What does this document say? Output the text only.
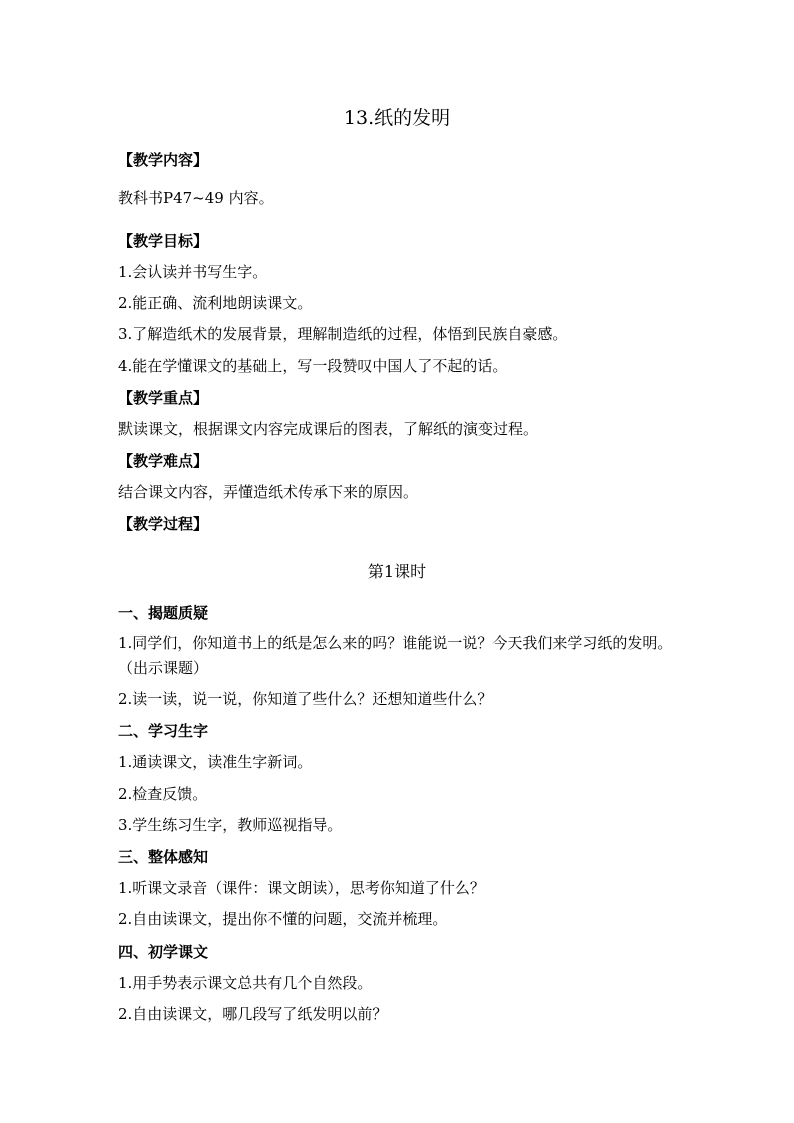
13.纸的发明
【教学内容】
教科书P47~49 内容。
【教学目标】
1.会认读并书写生字。
2.能正确、流利地朗读课文。
3.了解造纸术的发展背景，理解制造纸的过程，体悟到民族自豪感。
4.能在学懂课文的基础上，写一段赞叹中国人了不起的话。
【教学重点】
默读课文，根据课文内容完成课后的图表，了解纸的演变过程。
【教学难点】
结合课文内容，弄懂造纸术传承下来的原因。
【教学过程】
第1课时
一、揭题质疑
1.同学们，你知道书上的纸是怎么来的吗？谁能说一说？今天我们来学习纸的发明。（出示课题）
2.读一读，说一说，你知道了些什么？还想知道些什么？
二、学习生字
1.通读课文，读准生字新词。
2.检查反馈。
3.学生练习生字，教师巡视指导。
三、整体感知
1.听课文录音（课件：课文朗读），思考你知道了什么？
2.自由读课文，提出你不懂的问题，交流并梳理。
四、初学课文
1.用手势表示课文总共有几个自然段。
2.自由读课文，哪几段写了纸发明以前？
